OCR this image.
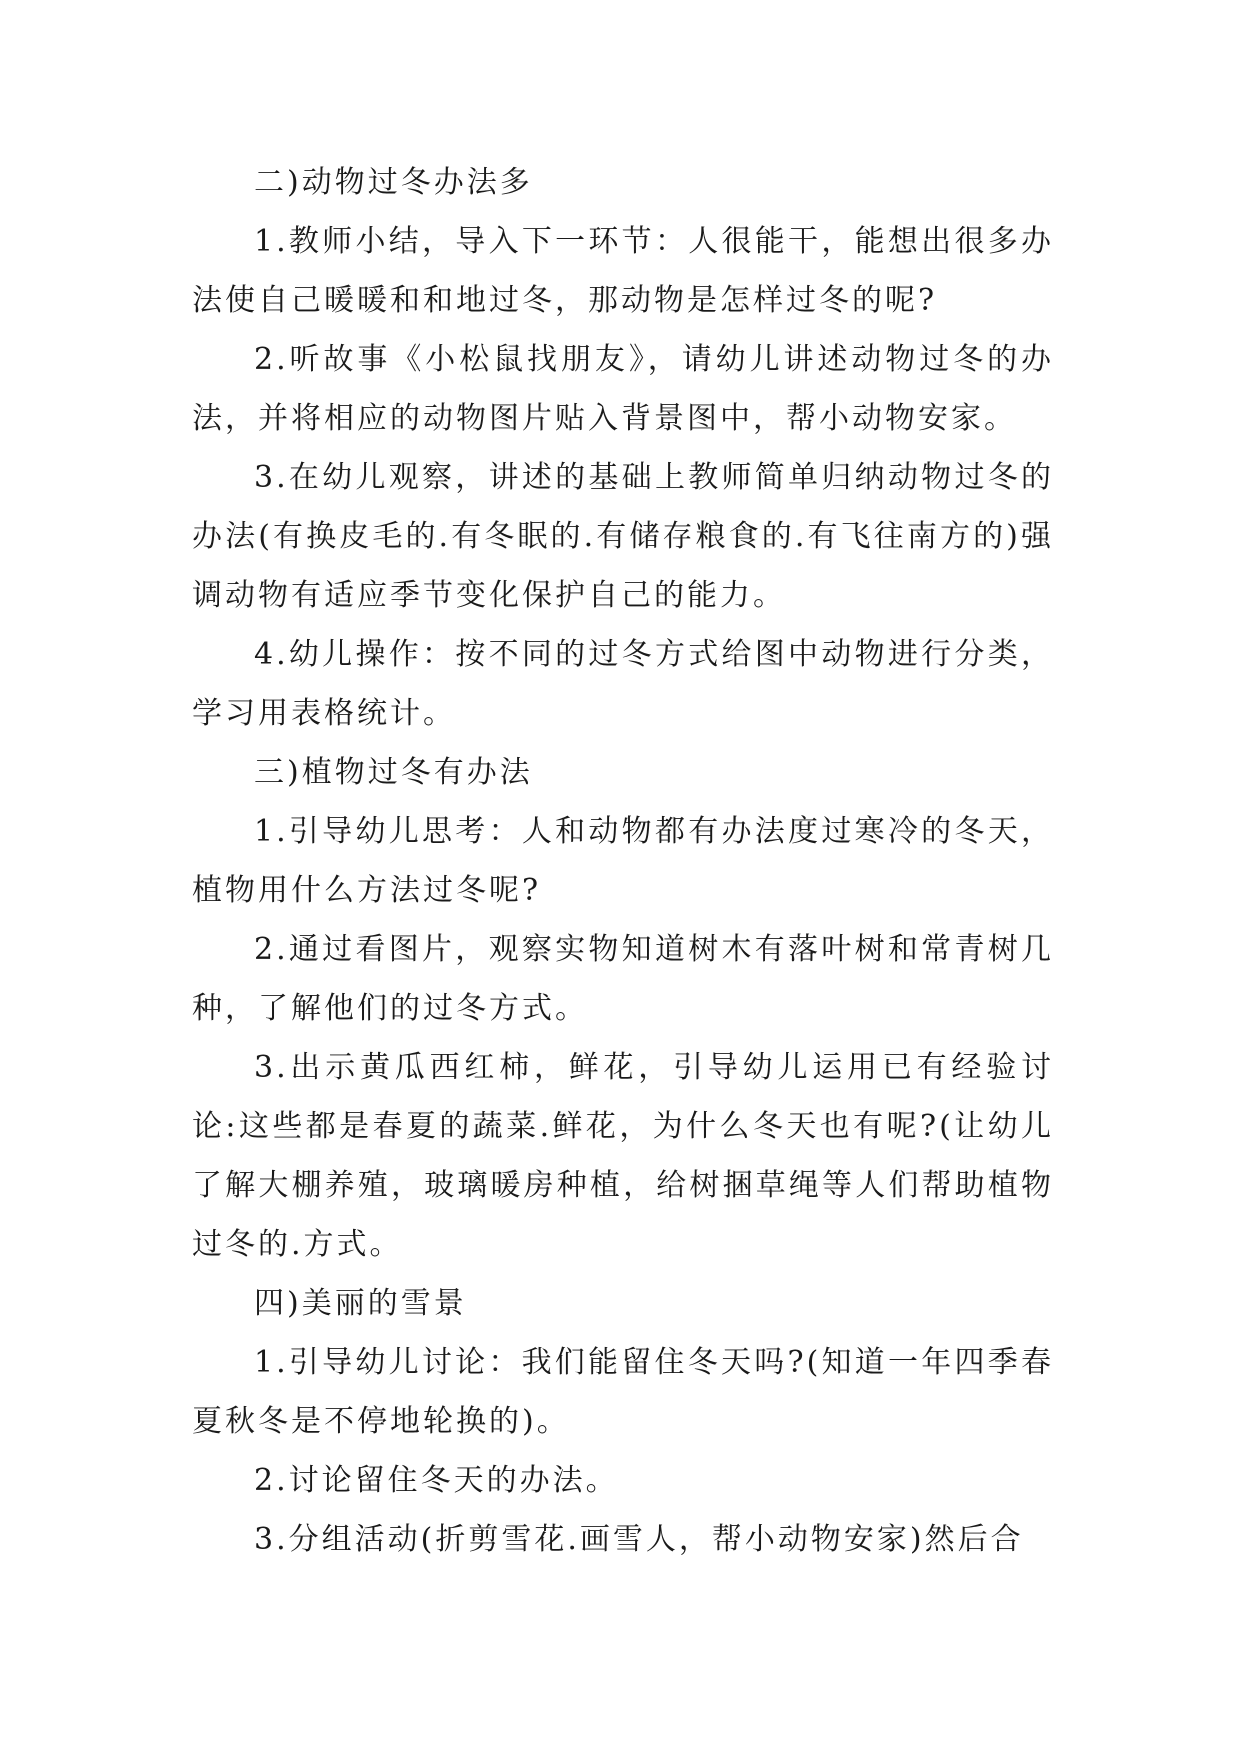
二)动物过冬办法多

1.教师小结，导入下一环节：人很能干，能想出很多办法使自己暖暖和和地过冬，那动物是怎样过冬的呢?

2.听故事《小松鼠找朋友》，请幼儿讲述动物过冬的办法，并将相应的动物图片贴入背景图中，帮小动物安家。

3.在幼儿观察，讲述的基础上教师简单归纳动物过冬的办法(有换皮毛的.有冬眠的.有储存粮食的.有飞往南方的)强调动物有适应季节变化保护自己的能力。

4.幼儿操作：按不同的过冬方式给图中动物进行分类，学习用表格统计。

三)植物过冬有办法

1.引导幼儿思考：人和动物都有办法度过寒冷的冬天，植物用什么方法过冬呢?

2.通过看图片，观察实物知道树木有落叶树和常青树几种，了解他们的过冬方式。

3.出示黄瓜西红柿，鲜花，引导幼儿运用已有经验讨论:这些都是春夏的蔬菜.鲜花，为什么冬天也有呢?(让幼儿了解大棚养殖，玻璃暖房种植，给树捆草绳等人们帮助植物过冬的.方式。

四)美丽的雪景

1.引导幼儿讨论：我们能留住冬天吗?(知道一年四季春夏秋冬是不停地轮换的)。

2.讨论留住冬天的办法。

3.分组活动(折剪雪花.画雪人，帮小动物安家)然后合
